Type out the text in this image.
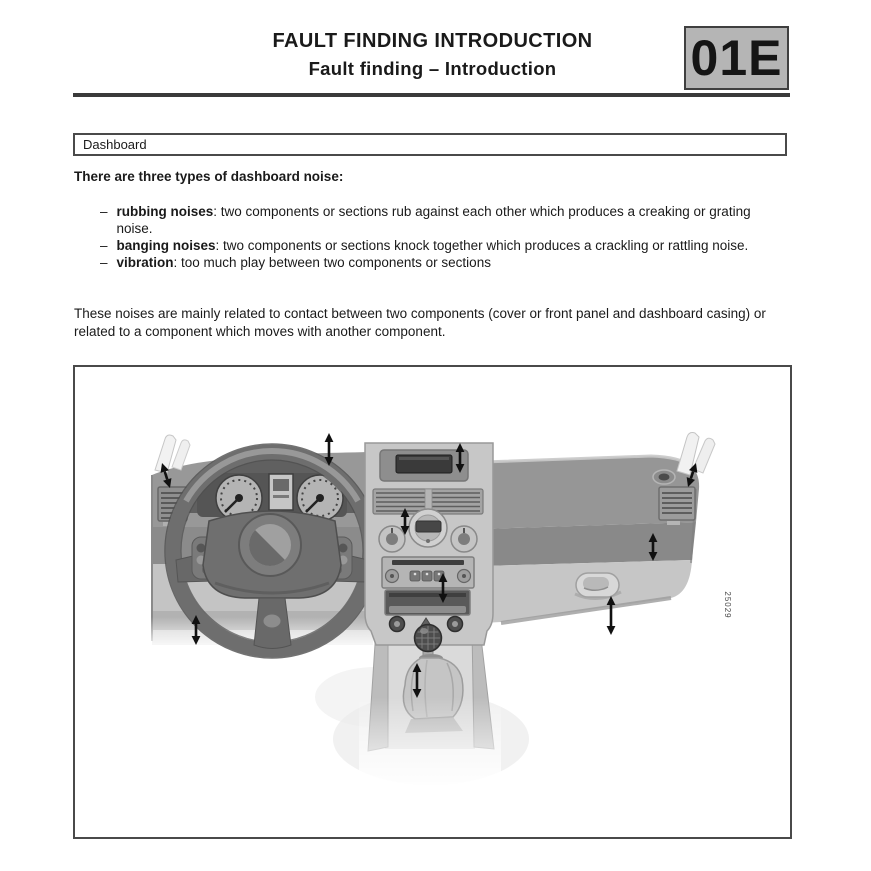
FAULT FINDING INTRODUCTION
Fault finding – Introduction	01E
Dashboard
There are three types of dashboard noise:
– rubbing noises: two components or sections rub against each other which produces a creaking or grating noise.
– banging noises: two components or sections knock together which produces a crackling or rattling noise.
– vibration: too much play between two components or sections
These noises are mainly related to contact between two components (cover or front panel and dashboard casing) or related to a component which moves with another component.
25029
